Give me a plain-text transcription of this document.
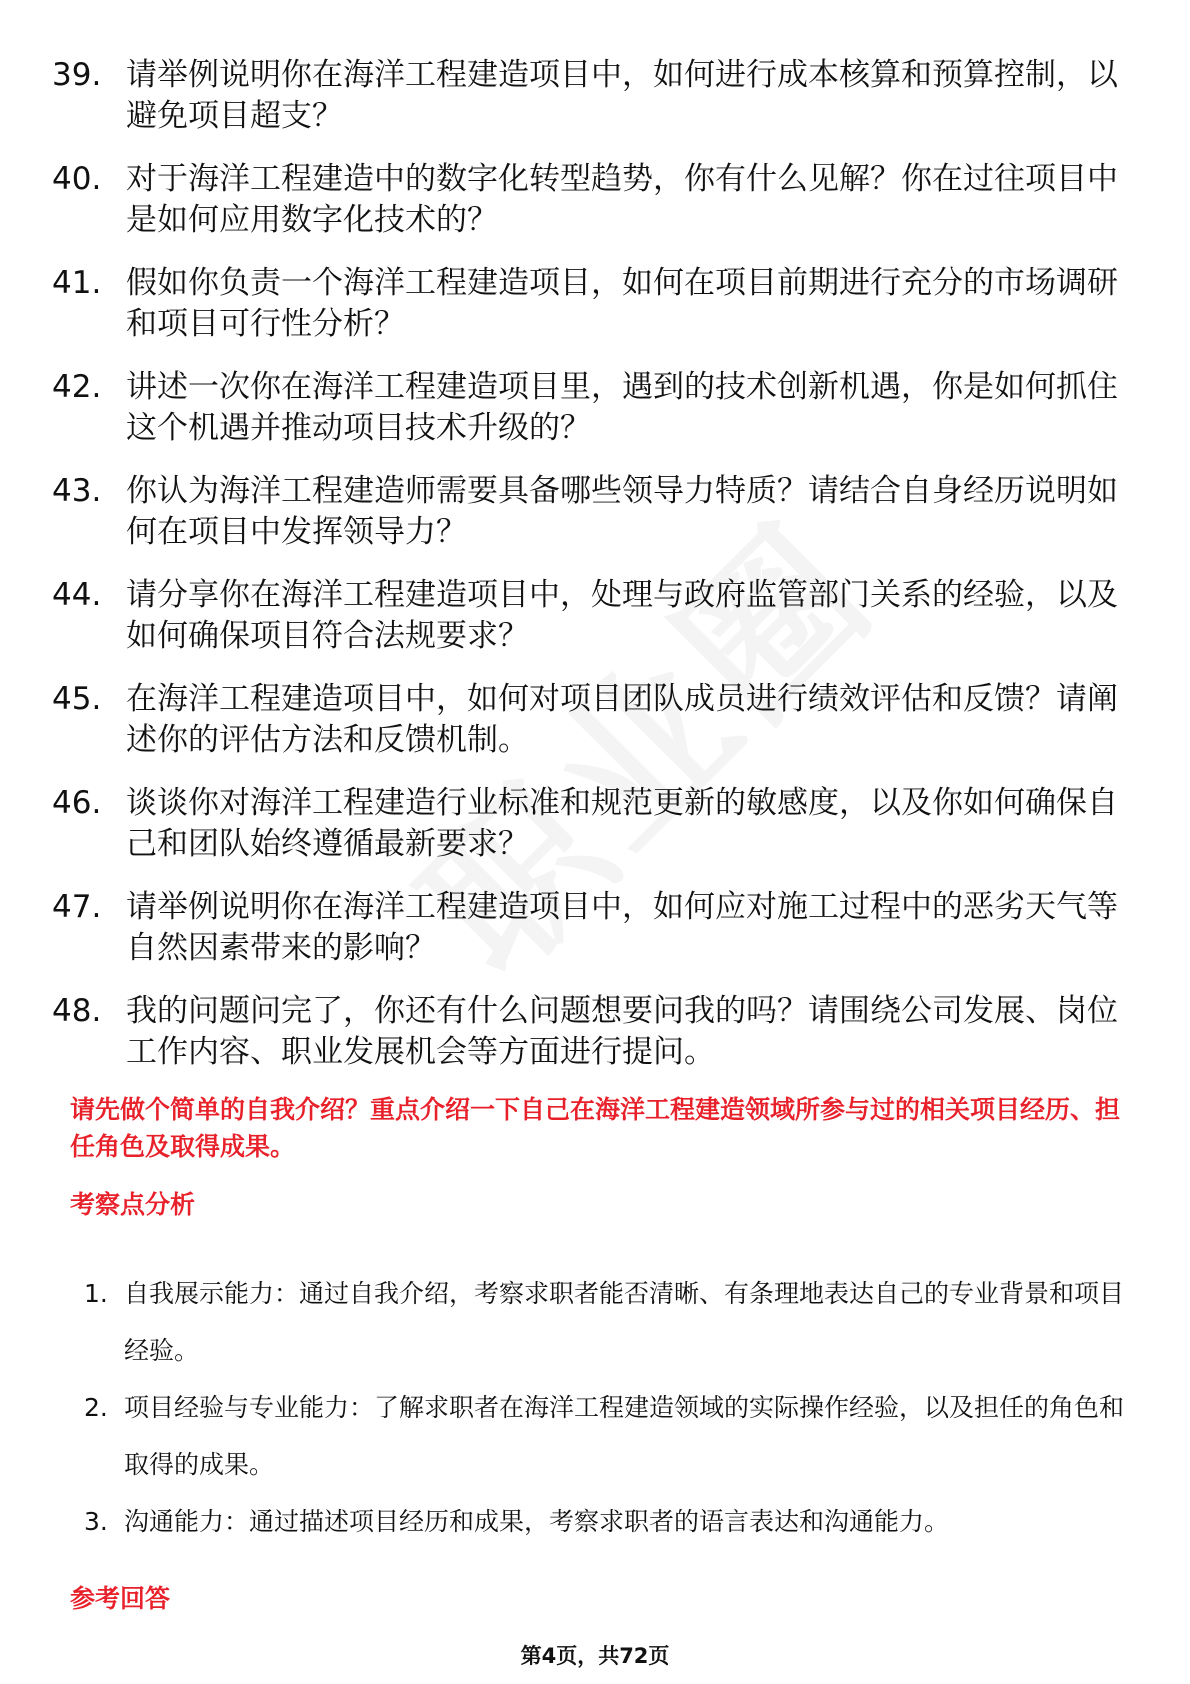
39. 请举例说明你在海洋工程建造项目中，如何进行成本核算和预算控制，以避免项目超支？
40. 对于海洋工程建造中的数字化转型趋势，你有什么见解？你在过往项目中是如何应用数字化技术的？
41. 假如你负责一个海洋工程建造项目，如何在项目前期进行充分的市场调研和项目可行性分析？
42. 讲述一次你在海洋工程建造项目里，遇到的技术创新机遇，你是如何抓住这个机遇并推动项目技术升级的？
43. 你认为海洋工程建造师需要具备哪些领导力特质？请结合自身经历说明如何在项目中发挥领导力？
44. 请分享你在海洋工程建造项目中，处理与政府监管部门关系的经验，以及如何确保项目符合法规要求？
45. 在海洋工程建造项目中，如何对项目团队成员进行绩效评估和反馈？请阐述你的评估方法和反馈机制。
46. 谈谈你对海洋工程建造行业标准和规范更新的敏感度，以及你如何确保自己和团队始终遵循最新要求？
47. 请举例说明你在海洋工程建造项目中，如何应对施工过程中的恶劣天气等自然因素带来的影响？
48. 我的问题问完了，你还有什么问题想要问我的吗？请围绕公司发展、岗位工作内容、职业发展机会等方面进行提问。
请先做个简单的自我介绍？重点介绍一下自己在海洋工程建造领域所参与过的相关项目经历、担任角色及取得成果。
考察点分析
1. 自我展示能力：通过自我介绍，考察求职者能否清晰、有条理地表达自己的专业背景和项目经验。
2. 项目经验与专业能力：了解求职者在海洋工程建造领域的实际操作经验，以及担任的角色和取得的成果。
3. 沟通能力：通过描述项目经历和成果，考察求职者的语言表达和沟通能力。
参考回答
第4页，共72页
